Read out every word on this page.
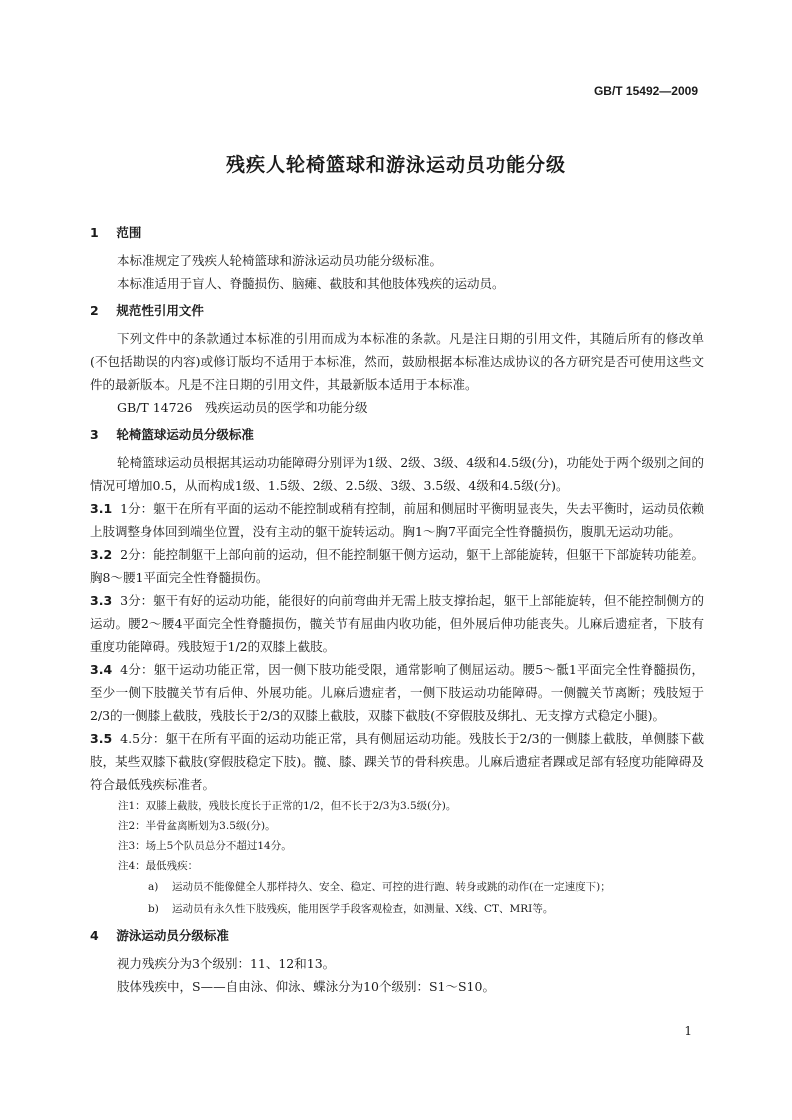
GB/T 15492—2009
残疾人轮椅篮球和游泳运动员功能分级
1 范围

本标准规定了残疾人轮椅篮球和游泳运动员功能分级标准。

本标准适用于盲人、脊髓损伤、脑瘫、截肢和其他肢体残疾的运动员。

2 规范性引用文件

下列文件中的条款通过本标准的引用而成为本标准的条款。凡是注日期的引用文件，其随后所有的修改单(不包括勘误的内容)或修订版均不适用于本标准，然而，鼓励根据本标准达成协议的各方研究是否可使用这些文件的最新版本。凡是不注日期的引用文件，其最新版本适用于本标准。

GB/T 14726　残疾运动员的医学和功能分级

3 轮椅篮球运动员分级标准

轮椅篮球运动员根据其运动功能障碍分别评为1级、2级、3级、4级和4.5级(分)，功能处于两个级别之间的情况可增加0.5，从而构成1级、1.5级、2级、2.5级、3级、3.5级、4级和4.5级(分)。

3.1 1分：躯干在所有平面的运动不能控制或稍有控制，前屈和侧屈时平衡明显丧失，失去平衡时，运动员依赖上肢调整身体回到端坐位置，没有主动的躯干旋转运动。胸1～胸7平面完全性脊髓损伤，腹肌无运动功能。

3.2 2分：能控制躯干上部向前的运动，但不能控制躯干侧方运动，躯干上部能旋转，但躯干下部旋转功能差。胸8～腰1平面完全性脊髓损伤。

3.3 3分：躯干有好的运动功能，能很好的向前弯曲并无需上肢支撑抬起，躯干上部能旋转，但不能控制侧方的运动。腰2～腰4平面完全性脊髓损伤，髋关节有屈曲内收功能，但外展后伸功能丧失。儿麻后遗症者，下肢有重度功能障碍。残肢短于1/2的双膝上截肢。

3.4 4分：躯干运动功能正常，因一侧下肢功能受限，通常影响了侧屈运动。腰5～骶1平面完全性脊髓损伤，至少一侧下肢髋关节有后伸、外展功能。儿麻后遗症者，一侧下肢运动功能障碍。一侧髋关节离断；残肢短于2/3的一侧膝上截肢，残肢长于2/3的双膝上截肢，双膝下截肢(不穿假肢及绑扎、无支撑方式稳定小腿)。

3.5 4.5分：躯干在所有平面的运动功能正常，具有侧屈运动功能。残肢长于2/3的一侧膝上截肢，单侧膝下截肢，某些双膝下截肢(穿假肢稳定下肢)。髋、膝、踝关节的骨科疾患。儿麻后遗症者踝或足部有轻度功能障碍及符合最低残疾标准者。

注1：双膝上截肢，残肢长度长于正常的1/2，但不长于2/3为3.5级(分)。

注2：半骨盆离断划为3.5级(分)。

注3：场上5个队员总分不超过14分。

注4：最低残疾：

a) 运动员不能像健全人那样持久、安全、稳定、可控的进行跑、转身或跳的动作(在一定速度下)；

b) 运动员有永久性下肢残疾，能用医学手段客观检查，如测量、X线、CT、MRI等。

4 游泳运动员分级标准

视力残疾分为3个级别：11、12和13。

肢体残疾中，S——自由泳、仰泳、蝶泳分为10个级别：S1～S10。

1
